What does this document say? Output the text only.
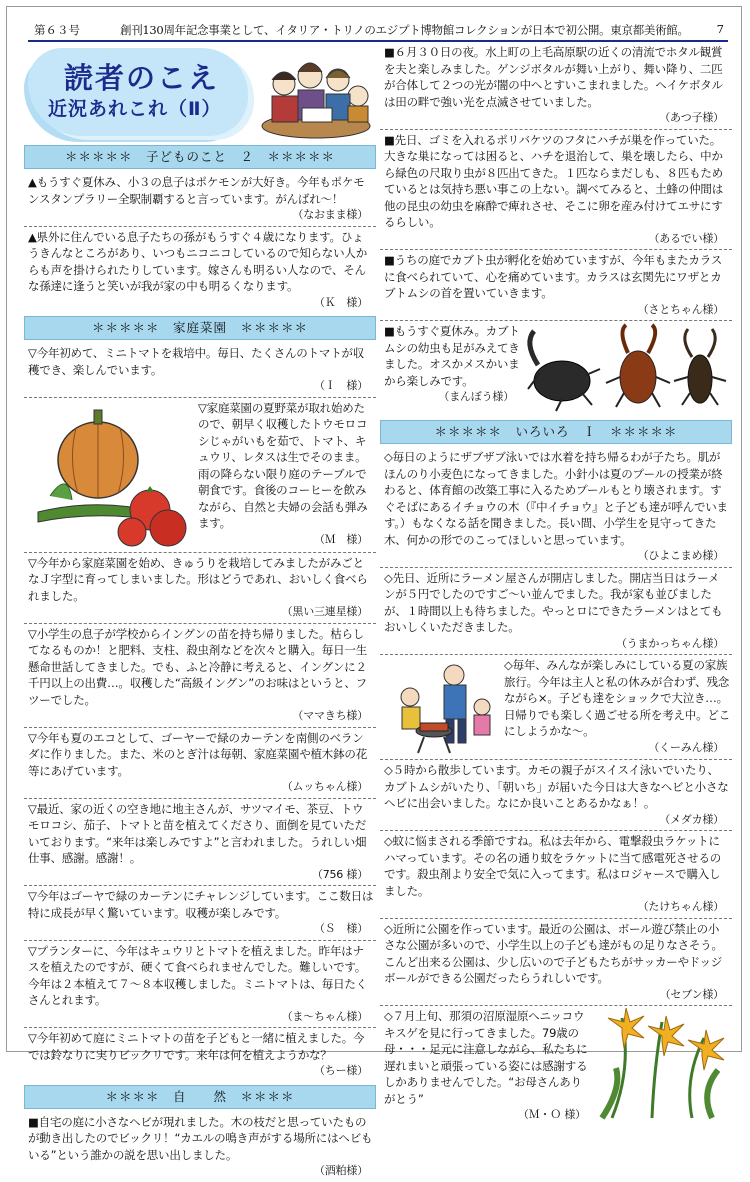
第６３号	創刊130周年記念事業として、イタリア・トリノのエジプト博物館コレクションが日本で初公開。東京都美術館。 7
読者のこえ
近況あれこれ（Ⅱ）
＊＊＊＊＊　子どものこと　２　＊＊＊＊＊
▲もうすぐ夏休み、小３の息子はポケモンが大好き。今年もポケモンスタンプラリー全駅制覇すると言っています。がんばれ〜！
（なおまま様）
▲県外に住んでいる息子たちの孫がもうすぐ４歳になります。ひょうきんなところがあり、いつもニコニコしているので知らない人からも声を掛けられたりしています。嫁さんも明るい人なので、そんな孫達に逢うと笑いが我が家の中も明るくなります。
（Ｋ　様）
＊＊＊＊＊　家庭菜園　＊＊＊＊＊
▽今年初めて、ミニトマトを栽培中。毎日、たくさんのトマトが収穫でき、楽しんでいます。
（Ｉ　様）
▽家庭菜園の夏野菜が取れ始めたので、朝早く収穫したトウモロコシじゃがいもを茹で、トマト、キュウリ、レタスは生でそのまま。雨の降らない限り庭のテーブルで朝食です。食後のコーヒーを飲みながら、自然と夫婦の会話も弾みます。
（Ｍ　様）
▽今年から家庭菜園を始め、きゅうりを栽培してみましたがみごとなＪ字型に育ってしまいました。形はどうであれ、おいしく食べられました。
（黒い三連星様）
▽小学生の息子が学校からイングンの苗を持ち帰りました。枯らしてなるものか！と肥料、支柱、殺虫剤などを次々と購入。毎日一生懸命世話してきました。でも、ふと冷静に考えると、イングンに２千円以上の出費…。収穫した“高級イングン”のお味はというと、フツーでした。
（ママきち様）
▽今年も夏のエコとして、ゴーヤーで緑のカーテンを南側のベランダに作りました。また、米のとぎ汁は毎朝、家庭菜園や植木鉢の花等にあげています。
（ムッちゃん様）
▽最近、家の近くの空き地に地主さんが、サツマイモ、茶豆、トウモロコシ、茄子、トマトと苗を植えてくださり、面倒を見ていただいております。“来年は楽しみですよ”と言われました。うれしい畑仕事、感謝。感謝！。
（756 様）
▽今年はゴーヤで緑のカーテンにチャレンジしています。ここ数日は特に成長が早く驚いています。収穫が楽しみです。
（Ｓ　様）
▽プランターに、今年はキュウリとトマトを植えました。昨年はナスを植えたのですが、硬くて食べられませんでした。難しいです。今年は２本植えて７〜８本収穫しました。ミニトマトは、毎日たくさんとれます。
（ま〜ちゃん様）
▽今年初めて庭にミニトマトの苗を子どもと一緒に植えました。今では鈴なりに実りビックリです。来年は何を植えようかな？
（ちー様）
＊＊＊＊　自　　然　＊＊＊＊
■自宅の庭に小さなヘビが現れました。木の枝だと思っていたものが動き出したのでビックリ！“カエルの鳴き声がする場所にはヘビもいる”という誰かの説を思い出しました。
（酒粕様）
■６月３０日の夜。水上町の上毛高原駅の近くの清流でホタル観賞を夫と楽しみました。ゲンジボタルが舞い上がり、舞い降り、二匹が合体して２つの光が闇の中へとすいこまれました。ヘイケボタルは田の畔で強い光を点滅させていました。
（あつ子様）
■先日、ゴミを入れるポリバケツのフタにハチが巣を作っていた。大きな巣になっては困ると、ハチを退治して、巣を壊したら、中から緑色の尺取り虫が８匹出てきた。１匹ならまだしも、８匹もためているとは気持ち悪い事この上ない。調べてみると、土蜂の仲間は他の昆虫の幼虫を麻酔で痺れさせ、そこに卵を産み付けてエサにするらしい。
（あるでい様）
■うちの庭でカブト虫が孵化を始めていますが、今年もまたカラスに食べられていて、心を痛めています。カラスは玄関先にワザとカブトムシの首を置いていきます。
（さとちゃん様）
■もうすぐ夏休み。カブトムシの幼虫も足がみえてきました。オスかメスかいまから楽しみです。
（まんぼう様）
＊＊＊＊＊　いろいろ　Ｉ　＊＊＊＊＊
◇毎日のようにザブザブ泳いでは水着を持ち帰るわが子たち。肌がほんのり小麦色になってきました。小針小は夏のプールの授業が終わると、体育館の改築工事に入るためプールもとり壊されます。すぐそばにあるイチョウの木（『中イチョウ』と子ども達が呼んでいます。）もなくなる話を聞きました。長い間、小学生を見守ってきた木、何かの形でのこってほしいと思っています。
（ひよこまめ様）
◇先日、近所にラーメン屋さんが開店しました。開店当日はラーメンが５円でしたのですご〜い並んでました。我が家も並びましたが、１時間以上も待ちました。やっとロにできたラーメンはとてもおいしくいただきました。
（うまかっちゃん様）
◇毎年、みんなが楽しみにしている夏の家族旅行。今年は主人と私の休みが合わず、残念ながら×。子ども達をショックで大泣き…。日帰りでも楽しく過ごせる所を考え中。どこにしようかな〜。
（くーみん様）
◇５時から散歩しています。カモの親子がスイスイ泳いでいたり、カブトムシがいたり、「朝いち」が届いた今日は大きなヘビと小さなヘビに出会いました。なにか良いことあるかなぁ！。
（メダカ様）
◇蚊に悩まされる季節ですね。私は去年から、電撃殺虫ラケットにハマっています。その名の通り蚊をラケットに当て感電死させるのです。殺虫剤より安全で気に入ってます。私はロジャースで購入しました。
（たけちゃん様）
◇近所に公園を作っています。最近の公園は、ボール遊び禁止の小さな公園が多いので、小学生以上の子ども達がもの足りなさそう。こんど出来る公園は、少し広いので子どもたちがサッカーやドッジボールができる公園だったらうれしいです。
（セブン様）
◇７月上旬、那須の沼原湿原へニッコウキスゲを見に行ってきました。79歳の母・・・足元に注意しながら、私たちに遅れまいと頑張っている姿には感謝するしかありませんでした。“お母さんありがとう”
（Ｍ・Ｏ 様）
